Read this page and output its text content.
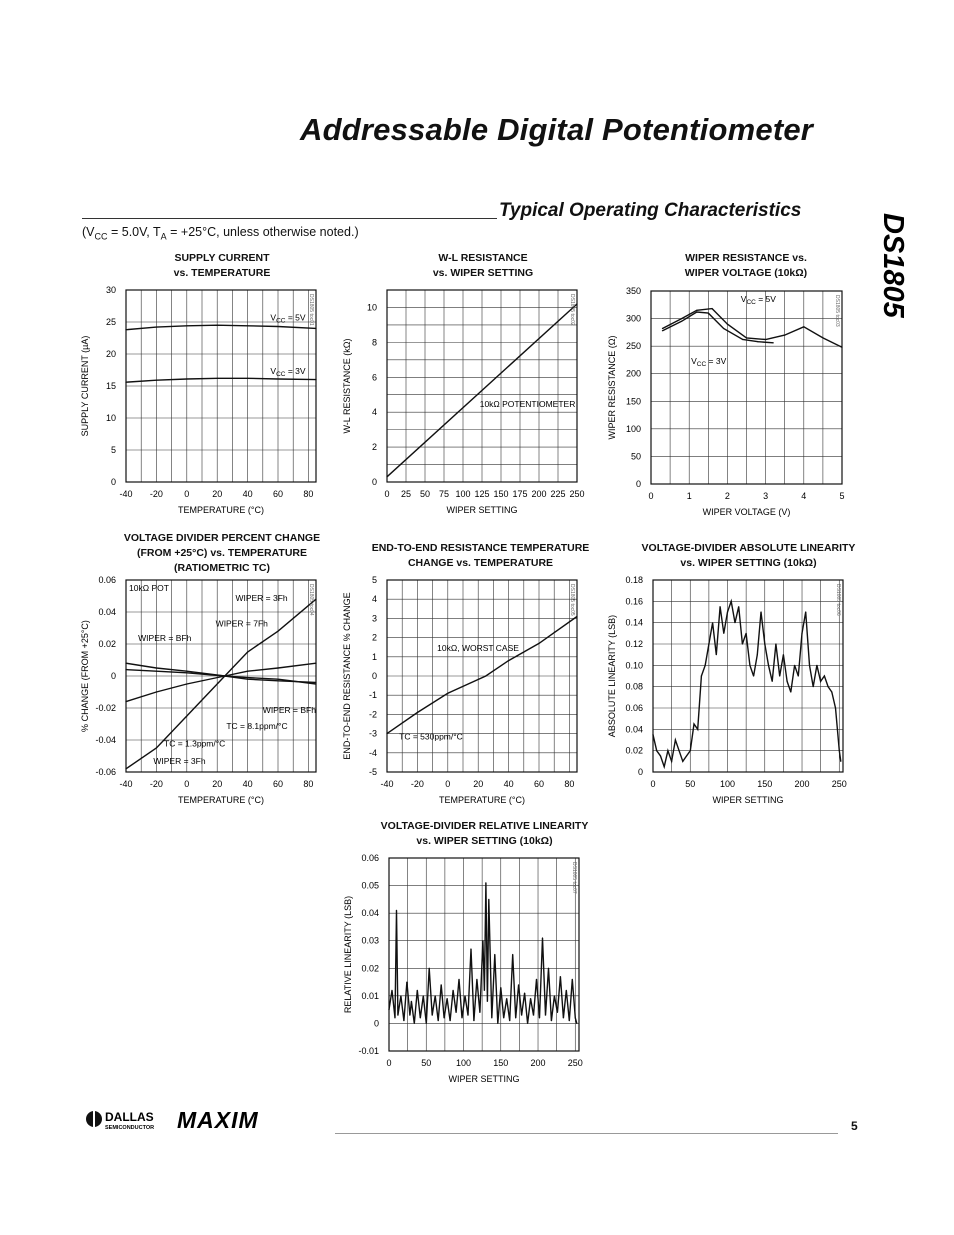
Addressable Digital Potentiometer
Typical Operating Characteristics
DS1805
($V_{CC} = 5.0V$, $T_A = +25^\circ C$, unless otherwise noted.)
SUPPLY CURRENT
vs. TEMPERATURE
W-L RESISTANCE
vs. WIPER SETTING
WIPER RESISTANCE vs.
WIPER VOLTAGE (10kΩ)
VOLTAGE DIVIDER PERCENT CHANGE
(FROM +25°C) vs. TEMPERATURE
(RATIOMETRIC TC)
END-TO-END RESISTANCE TEMPERATURE
CHANGE vs. TEMPERATURE
VOLTAGE-DIVIDER ABSOLUTE LINEARITY
vs. WIPER SETTING (10kΩ)
VOLTAGE-DIVIDER RELATIVE LINEARITY
vs. WIPER SETTING (10kΩ)
-40 -20 0	20 40 60 80
0
5
10
15
20
25
30
TEMPERATURE (°C)
SUPPLY CURRENT (µA)
$V_{CC} = 5V$
$V_{CC} = 3V$
DS1805 toc01
0 25 50 75 100 125 150 175 200 225 250
0
2
4
6
8
10
WIPER SETTING
W-L RESISTANCE (kΩ)	10kΩ POTENTIOMETER
DS1805 toc02
0	1	2	3	4	5
0
50
100
150
200
250
300
350
WIPER VOLTAGE (V)
WIPER RESISTANCE (Ω)
$V_{CC} = 5V$
$V_{CC} = 3V$
DS1805 toc03
-40 -20 0	20 40 60 80
-0.06
-0.04
-0.02
0
0.02
0.04
0.06
TEMPERATURE (°C)
% CHANGE (FROM +25°C)
10kΩ POT
WIPER = 3Fh
WIPER = 7Fh
WIPER = BFh
WIPER = BFh
TC = 8.1ppm/°C
TC = 1.3ppm/°C
WIPER = 3Fh
DS1805 toc04
-40 -20 0	20 40 60 80
-5
-4
-3
-2
-1
0
1
2
3
4
5
TEMPERATURE (°C)
END-TO-END RESISTANCE % CHANGE	10kΩ, WORST CASE
TC = 530ppm/°C
DS1805 toc05
0	50	100 150 200 250
0
0.02
0.04
0.06
0.08
0.10
0.12
0.14
0.16
0.18
WIPER SETTING
ABSOLUTE LINEARITY (LSB)
DS1805 toc06
0	50	100 150 200 250
-0.01
0
0.01
0.02
0.03
0.04
0.05
0.06
WIPER SETTING
RELATIVE LINEARITY (LSB)
DS1805 toc07
DALLAS
SEMICONDUCTOR MAXIM	5
